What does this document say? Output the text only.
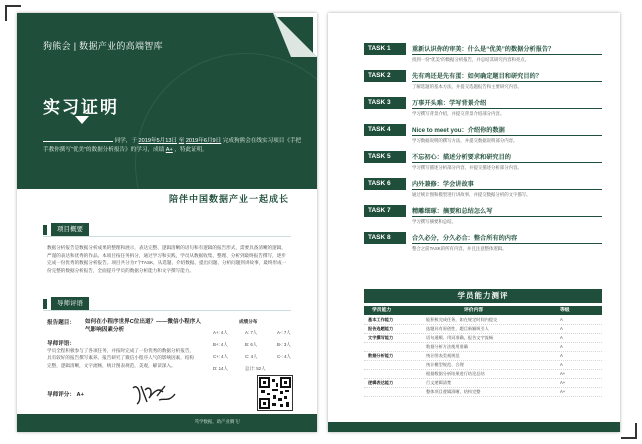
狗熊会 | 数据产业的高端智库
实习证明
同学，于 2019年5月13日 至 2019年6月9日 完成狗熊会在线实习项目《手把手教你撰写“优美”的数据分析报告》的学习，成绩 A+ ，特此证明。
陪伴中国数据产业一起成长
项目概要
数据分析报告是数据分析成果的整理和展示，表达完整、逻辑清晰的语句和有逻辑的报告形式，需要具备清晰的逻辑，严谨的表达和优秀的作品。本项目按任务拆分，通过学习和实践，学员从数据收集、整理、分析到最终报告撰写，逐步完成一份优秀的数据分析报告。项目共分为7个TASK，从选题、介绍数据、提出问题、分析问题到讲故事，最终形成一份完整的数据分析报告，全面提升学员的数据分析能力和文字撰写能力。
导师评语
报告题目： 如何在小程序世界C位出道？——微信小程序人气影响因素分析
导师评语：
学员全程积极参与了各项任务，并按时完成了一份优秀的数据分析报告，具有较好的报告撰写素养。报告研究了微信小程序人气的影响因素，结构完整，逻辑清晰，文字流畅，统计图表规范，美观，解读深入。
成绩分布
A+: 4人	A: 7人	A-: 7人
B+: 4人	B: 6人	B-: 3人
C+: 4人	C: 4人	C-: 4人
D: 14人	总计: 52人
导师评分： A+
笃学数据，助产业腾飞！
TASK 1	重新认识你的审美：什么是“优美”的数据分析报告？
找到一份“优美”的数据分析报告，并总结其研究内容和亮点。
TASK 2	先有鸡还是先有蛋：如何确定题目和研究目的？
了解选题的基本方法，并提交选题报告和主要研究内容。
TASK 3	万事开头难：学写背景介绍
学习撰写背景介绍，并提交背景介绍部分内容。
TASK 4	Nice to meet you：介绍你的数据
学习数据说明的撰写方法，并提交数据说明部分内容。
TASK 5	不忘初心：描述分析要求和研究目的
学习撰写描述分析部分内容，并提交描述分析部分内容。
TASK 6	内外兼修：学会讲故事
通过统计图和模型进行讲故事，并提交数据分析的文字描写。
TASK 7	精雕细琢：摘要和总结怎么写
学习撰写摘要和总结。
TASK 8	合久必分，分久必合：整合所有的内容
整合之前TASK的所有内容，并且注意整体逻辑。
学员能力测评
学员能力	评价内容	等级
基本工作能力	能积极完成任务，如在规定时间内提交	A
报告选题能力	选题具有原创性，题目新颖吸引人	A
文字撰写能力	语句通顺、用词准确，报告文字流畅	A
数据分析方法使用准确	A
数据分析能力	统计图表美观规范	A
统计模型规范、合理	A
根据数据分析结果进行结论总结	A+
逻辑表达能力	行文逻辑清楚	A+
整体项目逻辑清晰，结构完整	A+
